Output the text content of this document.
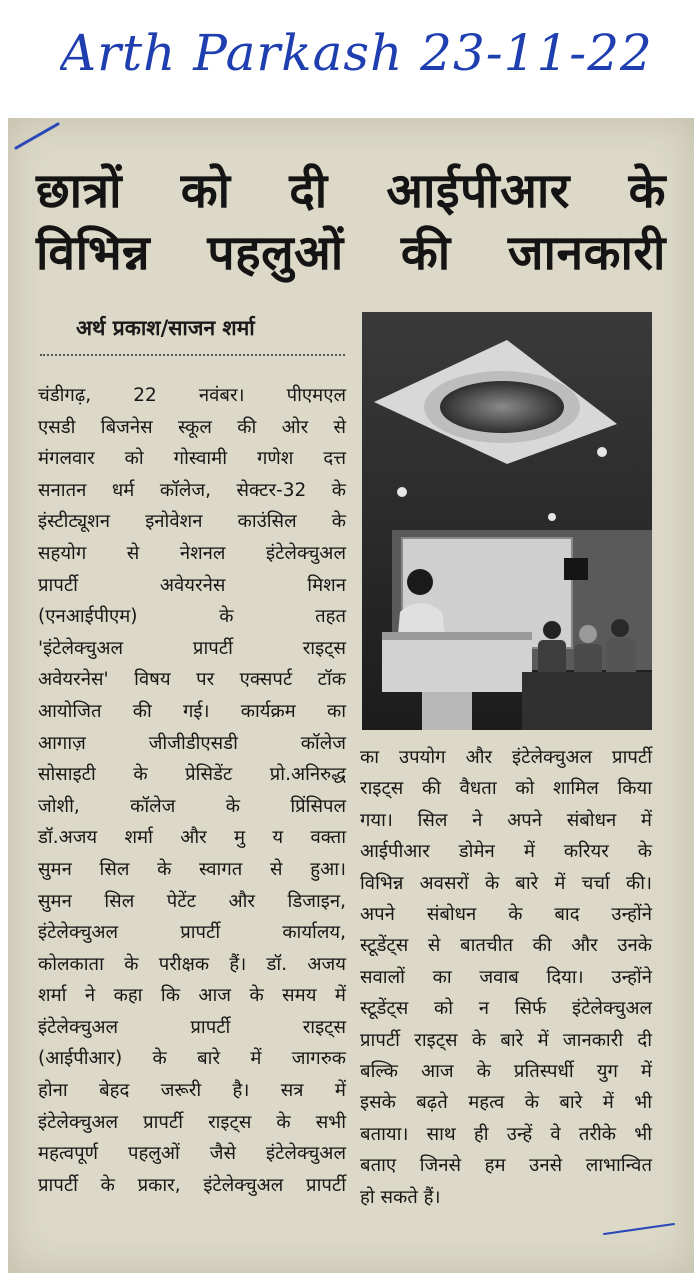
Arth Parkash 23-11-22
छात्रों को दी आईपीआर के
विभिन्न पहलुओं की जानकारी
अर्थ प्रकाश/साजन शर्मा
चंडीगढ़, 22 नवंबर। पीएमएल
एसडी बिजनेस स्कूल की ओर से
मंगलवार को गोस्वामी गणेश दत्त
सनातन धर्म कॉलेज, सेक्टर-32 के
इंस्टीट्यूशन इनोवेशन काउंसिल के
सहयोग से नेशनल इंटेलेक्चुअल
प्रापर्टी अवेयरनेस मिशन
(एनआईपीएम) के तहत
'इंटेलेक्चुअल प्रापर्टी राइट्स
अवेयरनेस' विषय पर एक्सपर्ट टॉक
आयोजित की गई। कार्यक्रम का
आगाज़ जीजीडीएसडी कॉलेज
सोसाइटी के प्रेसिडेंट प्रो.अनिरुद्ध
जोशी, कॉलेज के प्रिंसिपल
डॉ.अजय शर्मा और मु य वक्ता
सुमन सिल के स्वागत से हुआ।
सुमन सिल पेटेंट और डिजाइन,
इंटेलेक्चुअल प्रापर्टी कार्यालय,
कोलकाता के परीक्षक हैं। डॉ. अजय
शर्मा ने कहा कि आज के समय में
इंटेलेक्चुअल प्रापर्टी राइट्स
(आईपीआर) के बारे में जागरुक
होना बेहद जरूरी है। सत्र में
इंटेलेक्चुअल प्रापर्टी राइट्स के सभी
महत्वपूर्ण पहलुओं जैसे इंटेलेक्चुअल
प्रापर्टी के प्रकार, इंटेलेक्चुअल प्रापर्टी
का उपयोग और इंटेलेक्चुअल प्रापर्टी
राइट्स की वैधता को शामिल किया
गया। सिल ने अपने संबोधन में
आईपीआर डोमेन में करियर के
विभिन्न अवसरों के बारे में चर्चा की।
अपने संबोधन के बाद उन्होंने
स्टूडेंट्स से बातचीत की और उनके
सवालों का जवाब दिया। उन्होंने
स्टूडेंट्स को न सिर्फ इंटेलेक्चुअल
प्रापर्टी राइट्स के बारे में जानकारी दी
बल्कि आज के प्रतिस्पर्धी युग में
इसके बढ़ते महत्व के बारे में भी
बताया। साथ ही उन्हें वे तरीके भी
बताए जिनसे हम उनसे लाभान्वित
हो सकते हैं।
